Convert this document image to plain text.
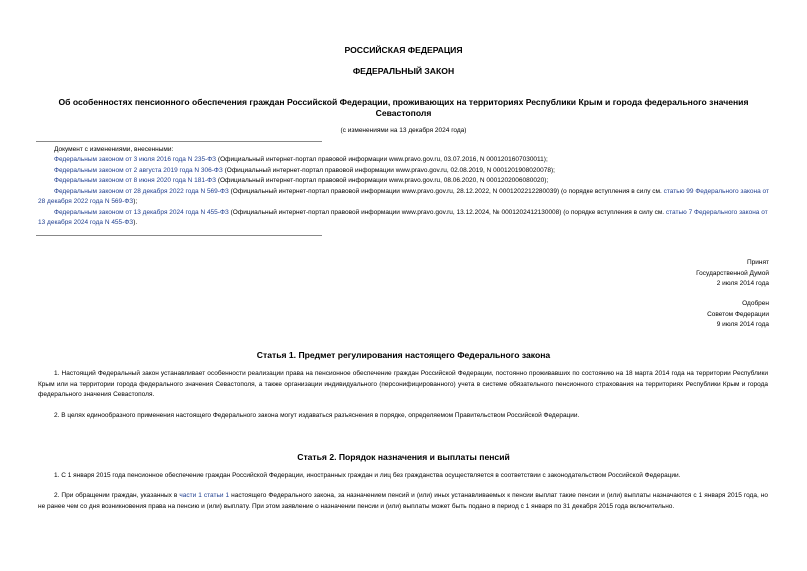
РОССИЙСКАЯ ФЕДЕРАЦИЯ
ФЕДЕРАЛЬНЫЙ ЗАКОН
Об особенностях пенсионного обеспечения граждан Российской Федерации, проживающих на территориях Республики Крым и города федерального значения Севастополя
(с изменениями на 13 декабря 2024 года)
Документ с изменениями, внесенными:
Федеральным законом от 3 июля 2016 года N 235-ФЗ (Официальный интернет-портал правовой информации www.pravo.gov.ru, 03.07.2016, N 0001201607030011);
Федеральным законом от 2 августа 2019 года N 306-ФЗ (Официальный интернет-портал правовой информации www.pravo.gov.ru, 02.08.2019, N 0001201908020078);
Федеральным законом от 8 июня 2020 года N 181-ФЗ (Официальный интернет-портал правовой информации www.pravo.gov.ru, 08.06.2020, N 0001202006080020);
Федеральным законом от 28 декабря 2022 года N 569-ФЗ (Официальный интернет-портал правовой информации www.pravo.gov.ru, 28.12.2022, N 0001202212280039) (о порядке вступления в силу см. статью 99 Федерального закона от 28 декабря 2022 года N 569-ФЗ);
Федеральным законом от 13 декабря 2024 года N 455-ФЗ (Официальный интернет-портал правовой информации www.pravo.gov.ru, 13.12.2024, № 0001202412130008) (о порядке вступления в силу см. статью 7 Федерального закона от 13 декабря 2024 года N 455-ФЗ).
Принят
Государственной Думой
2 июля 2014 года
Одобрен
Советом Федерации
9 июля 2014 года
Статья 1. Предмет регулирования настоящего Федерального закона
1. Настоящий Федеральный закон устанавливает особенности реализации права на пенсионное обеспечение граждан Российской Федерации, постоянно проживавших по состоянию на 18 марта 2014 года на территории Республики Крым или на территории города федерального значения Севастополя, а также организации индивидуального (персонифицированного) учета в системе обязательного пенсионного страхования на территориях Республики Крым и города федерального значения Севастополя.
2. В целях единообразного применения настоящего Федерального закона могут издаваться разъяснения в порядке, определяемом Правительством Российской Федерации.
Статья 2. Порядок назначения и выплаты пенсий
1. С 1 января 2015 года пенсионное обеспечение граждан Российской Федерации, иностранных граждан и лиц без гражданства осуществляется в соответствии с законодательством Российской Федерации.
2. При обращении граждан, указанных в части 1 статьи 1 настоящего Федерального закона, за назначением пенсий и (или) иных устанавливаемых к пенсии выплат такие пенсии и (или) выплаты назначаются с 1 января 2015 года, но не ранее чем со дня возникновения права на пенсию и (или) выплату. При этом заявление о назначении пенсии и (или) выплаты может быть подано в период с 1 января по 31 декабря 2015 года включительно.
